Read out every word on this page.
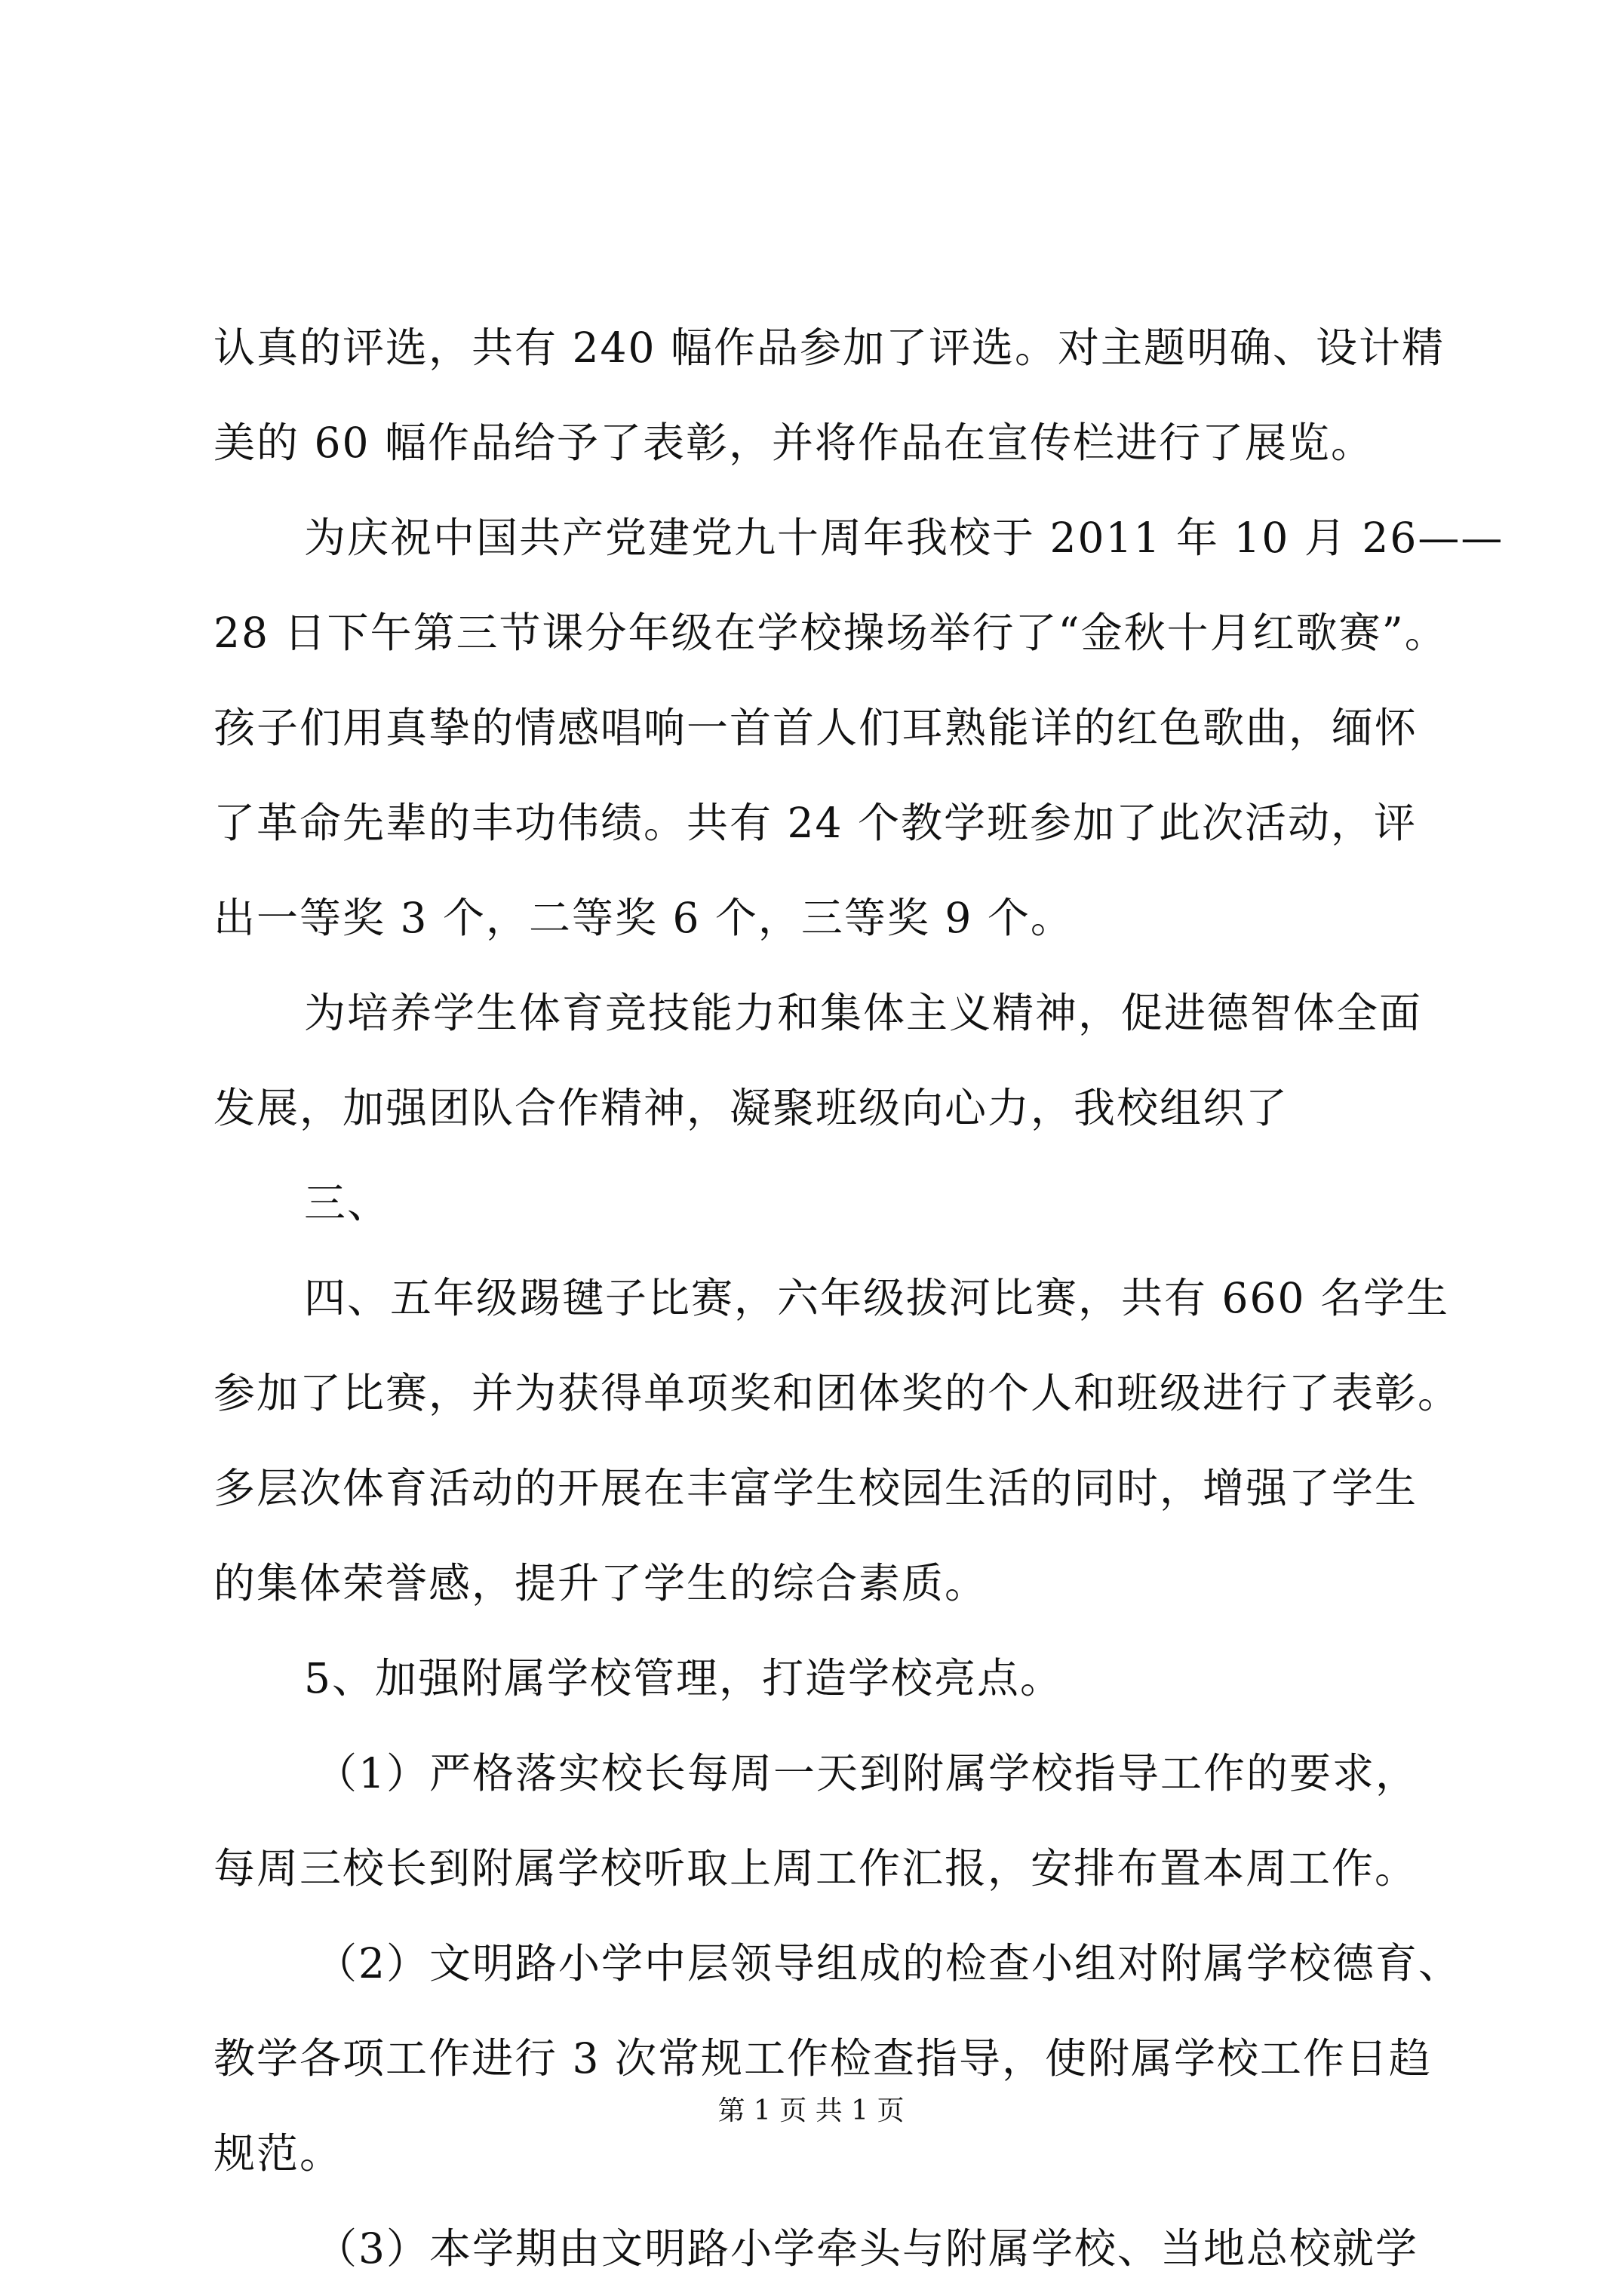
认真的评选，共有 240 幅作品参加了评选。对主题明确、设计精
美的 60 幅作品给予了表彰，并将作品在宣传栏进行了展览。
为庆祝中国共产党建党九十周年我校于 2011 年 10 月 26——
28 日下午第三节课分年级在学校操场举行了“金秋十月红歌赛”。
孩子们用真挚的情感唱响一首首人们耳熟能详的红色歌曲，缅怀
了革命先辈的丰功伟绩。共有 24 个教学班参加了此次活动，评
出一等奖 3 个，二等奖 6 个，三等奖 9 个。
为培养学生体育竞技能力和集体主义精神，促进德智体全面
发展，加强团队合作精神，凝聚班级向心力，我校组织了
三、
四、五年级踢毽子比赛，六年级拔河比赛，共有 660 名学生
参加了比赛，并为获得单项奖和团体奖的个人和班级进行了表彰。
多层次体育活动的开展在丰富学生校园生活的同时，增强了学生
的集体荣誉感，提升了学生的综合素质。
5、加强附属学校管理，打造学校亮点。
（1）严格落实校长每周一天到附属学校指导工作的要求，
每周三校长到附属学校听取上周工作汇报，安排布置本周工作。
（2）文明路小学中层领导组成的检查小组对附属学校德育、
教学各项工作进行 3 次常规工作检查指导，使附属学校工作日趋
规范。
（3）本学期由文明路小学牵头与附属学校、当地总校就学
第 1 页 共 1 页
